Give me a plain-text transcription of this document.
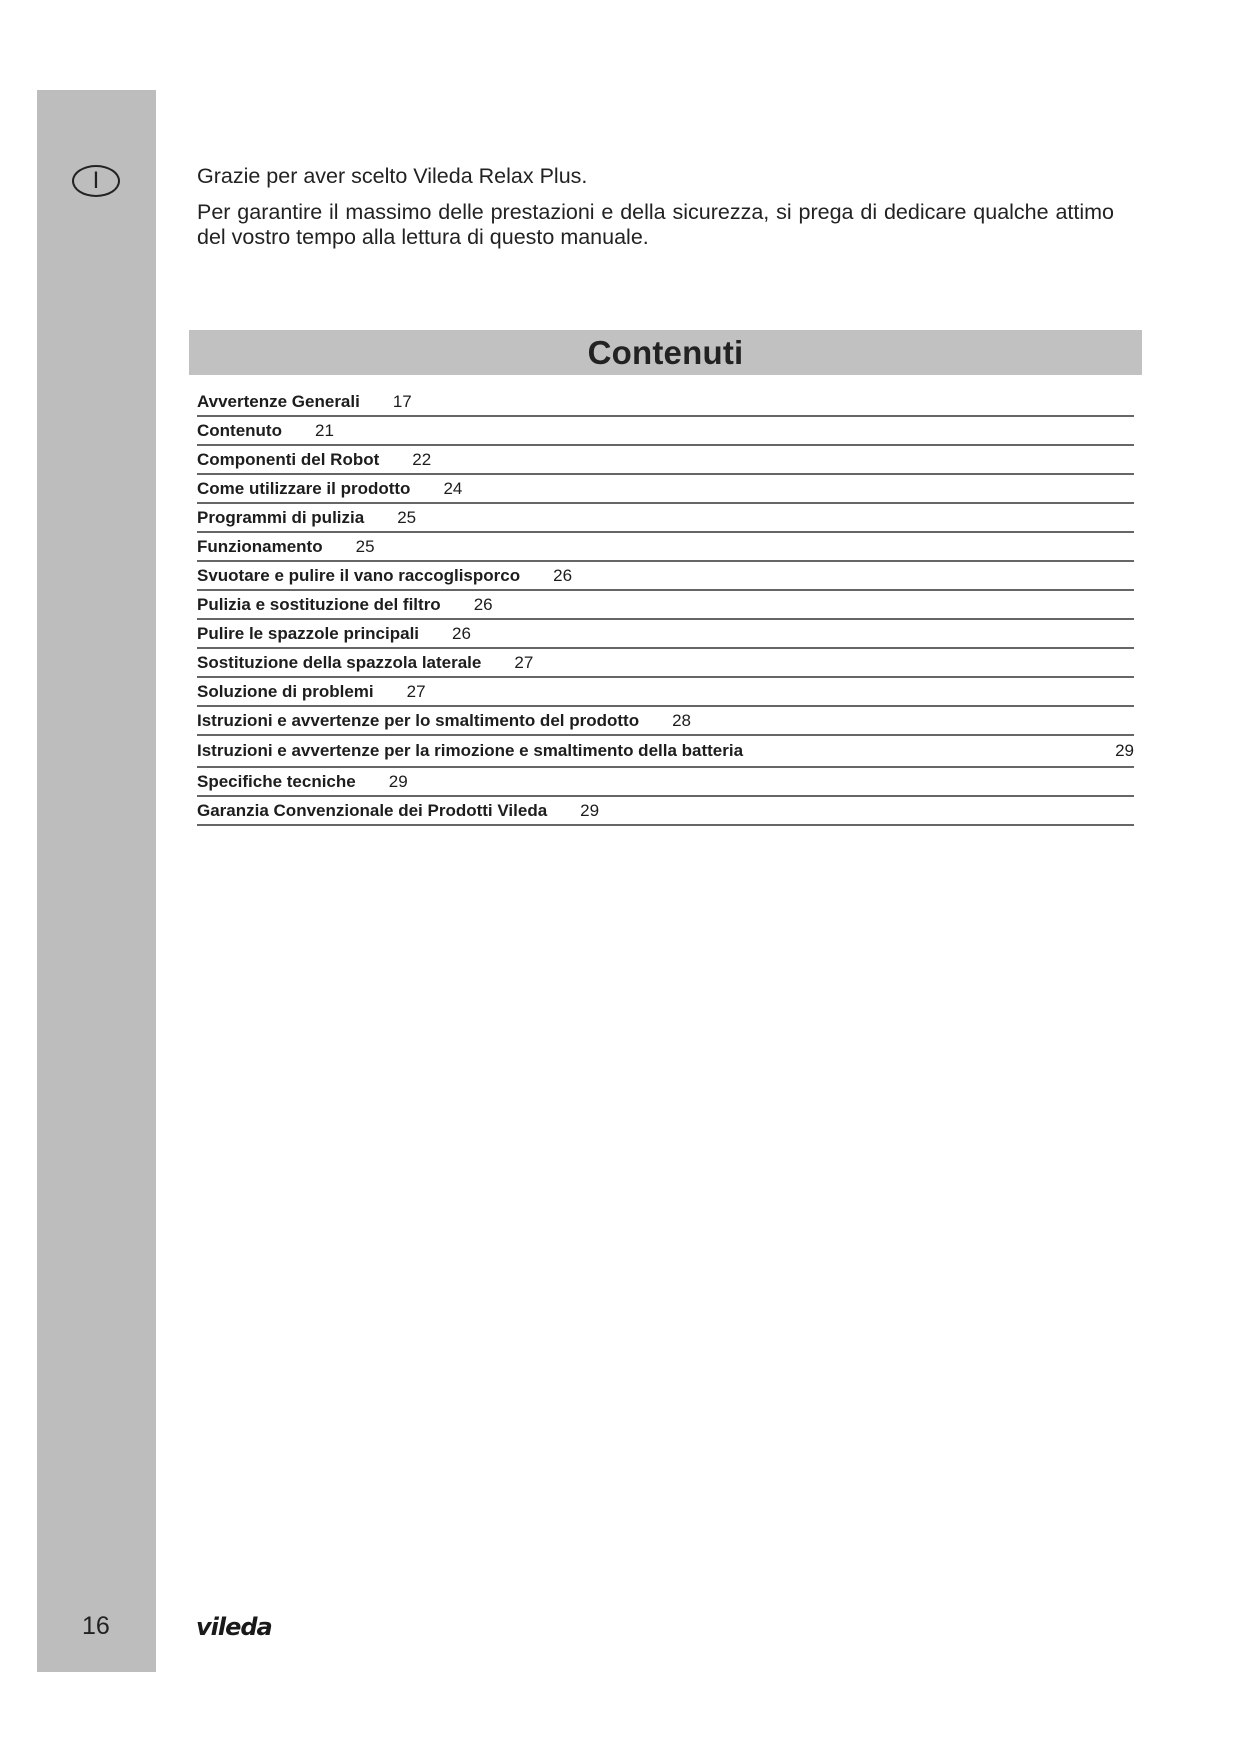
I
16

Grazie per aver scelto Vileda Relax Plus.

Per garantire il massimo delle prestazioni e della sicurezza, si prega di dedicare qualche attimo del vostro tempo alla lettura di questo manuale.

Contenuti
Avvertenze Generali 17
Contenuto 21
Componenti del Robot 22
Come utilizzare il prodotto 24
Programmi di pulizia 25
Funzionamento 25
Svuotare e pulire il vano raccoglisporco 26
Pulizia e sostituzione del filtro 26
Pulire le spazzole principali 26
Sostituzione della spazzola laterale 27
Soluzione di problemi 27
Istruzioni e avvertenze per lo smaltimento del prodotto 28
Istruzioni e avvertenze per la rimozione e smaltimento della batteria	29
Specifiche tecniche 29
Garanzia Convenzionale dei Prodotti Vileda 29
vileda
